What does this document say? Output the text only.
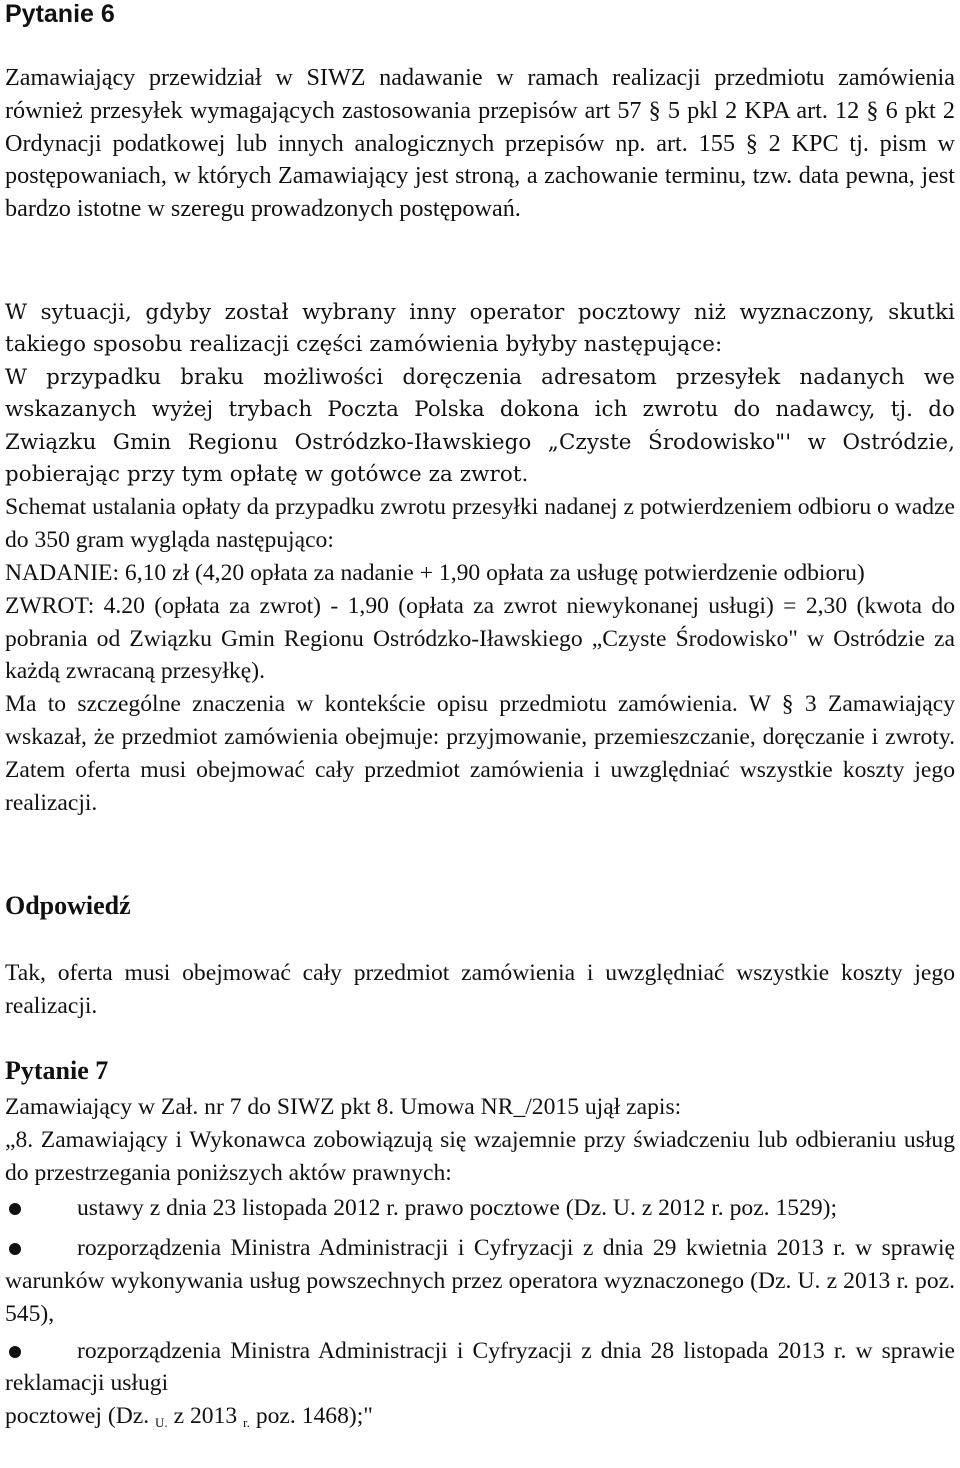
Pytanie 6

Zamawiający przewidział w SIWZ nadawanie w ramach realizacji przedmiotu zamówienia również przesyłek wymagających zastosowania przepisów art 57 § 5 pkl 2 KPA art. 12 § 6 pkt 2 Ordynacji podatkowej lub innych analogicznych przepisów np. art. 155 § 2 KPC tj. pism w postępowaniach, w których Zamawiający jest stroną, a zachowanie terminu, tzw. data pewna, jest bardzo istotne w szeregu prowadzonych postępowań.

W sytuacji, gdyby został wybrany inny operator pocztowy niż wyznaczony, skutki takiego sposobu realizacji części zamówienia byłyby następujące:

W przypadku braku możliwości doręczenia adresatom przesyłek nadanych we wskazanych wyżej trybach Poczta Polska dokona ich zwrotu do nadawcy, tj. do Związku Gmin Regionu Ostródzko-Iławskiego „Czyste Środowisko"' w Ostródzie, pobierając przy tym opłatę w gotówce za zwrot.

Schemat ustalania opłaty da przypadku zwrotu przesyłki nadanej z potwierdzeniem odbioru o wadze do 350 gram wygląda następująco:

NADANIE: 6,10 zł (4,20 opłata za nadanie + 1,90 opłata za usługę potwierdzenie odbioru)

ZWROT: 4.20 (opłata za zwrot) - 1,90 (opłata za zwrot niewykonanej usługi) = 2,30 (kwota do pobrania od Związku Gmin Regionu Ostródzko-Iławskiego „Czyste Środowisko" w Ostródzie za każdą zwracaną przesyłkę).

Ma to szczególne znaczenia w kontekście opisu przedmiotu zamówienia. W § 3 Zamawiający wskazał, że przedmiot zamówienia obejmuje: przyjmowanie, przemieszczanie, doręczanie i zwroty. Zatem oferta musi obejmować cały przedmiot zamówienia i uwzględniać wszystkie koszty jego realizacji.

Odpowiedź

Tak, oferta musi obejmować cały przedmiot zamówienia i uwzględniać wszystkie koszty jego realizacji.

Pytanie 7

Zamawiający w Zał. nr 7 do SIWZ pkt 8. Umowa NR_/2015 ujął zapis:

„8. Zamawiający i Wykonawca zobowiązują się wzajemnie przy świadczeniu lub odbieraniu usług do przestrzegania poniższych aktów prawnych:

ustawy z dnia 23 listopada 2012 r. prawo pocztowe (Dz. U. z 2012 r. poz. 1529);

rozporządzenia Ministra Administracji i Cyfryzacji z dnia 29 kwietnia 2013 r. w sprawię warunków wykonywania usług powszechnych przez operatora wyznaczonego (Dz. U. z 2013 r. poz. 545),

rozporządzenia Ministra Administracji i Cyfryzacji z dnia 28 listopada 2013 r. w sprawie reklamacji usługi

pocztowej (Dz. $_{U.}$ z 2013 $_{r.}$ poz. 1468);"
